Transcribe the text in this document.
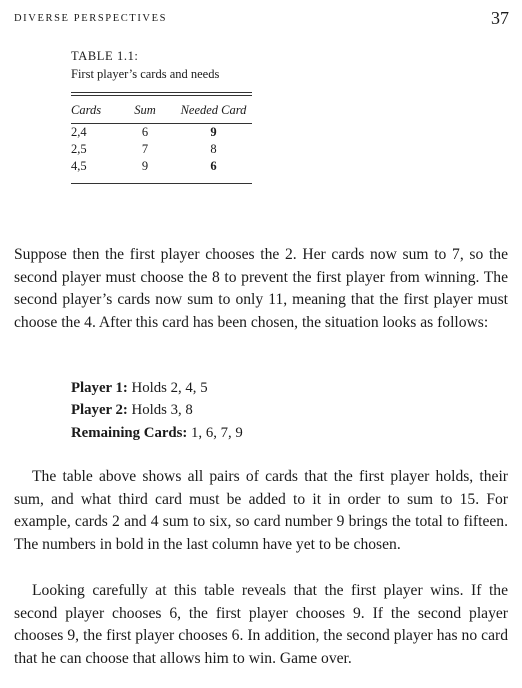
DIVERSE PERSPECTIVES	37
TABLE 1.1:
First player’s cards and needs
Cards	Sum	Needed Card

2,4	6	9
2,5	7	8
4,5	9	6

Suppose then the first player chooses the 2. Her cards now sum to 7, so the second player must choose the 8 to prevent the first player from winning. The second player’s cards now sum to only 11, meaning that the first player must choose the 4. After this card has been chosen, the situation looks as follows:

Player 1: Holds 2, 4, 5
Player 2: Holds 3, 8
Remaining Cards: 1, 6, 7, 9

The table above shows all pairs of cards that the first player holds, their sum, and what third card must be added to it in order to sum to 15. For example, cards 2 and 4 sum to six, so card number 9 brings the total to fifteen. The numbers in bold in the last column have yet to be chosen.

Looking carefully at this table reveals that the first player wins. If the second player chooses 6, the first player chooses 9. If the second player chooses 9, the first player chooses 6. In addition, the second player has no card that he can choose that allows him to win. Game over.
